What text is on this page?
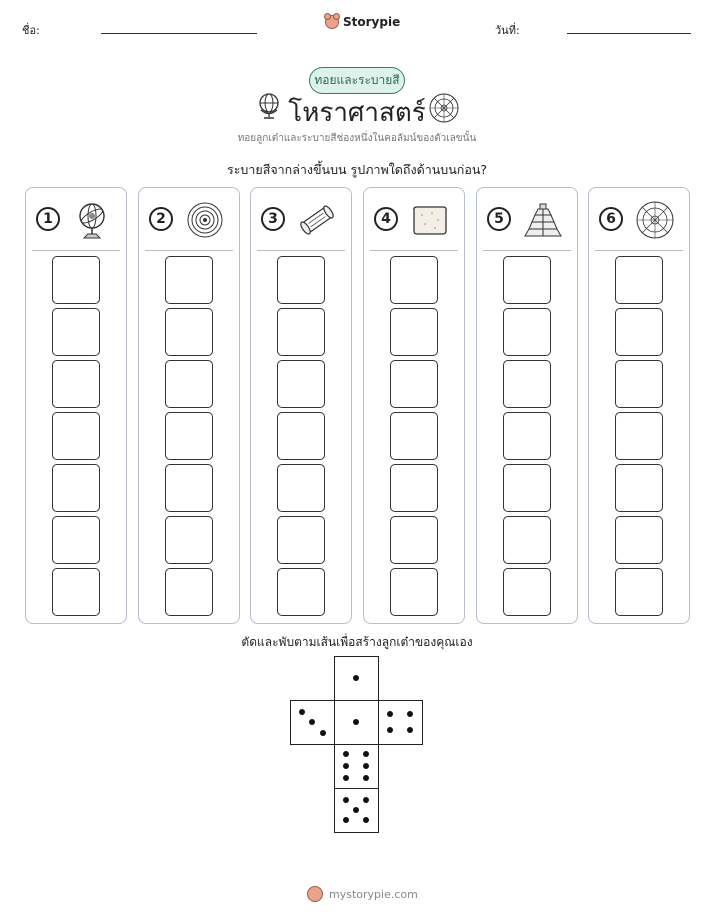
ชื่อ:
Storypie
วันที่:
ทอยและระบายสี
โหราศาสตร์
ทอยลูกเต๋าและระบายสีช่องหนึ่งในคอลัมน์ของตัวเลขนั้น
ระบายสีจากล่างขึ้นบน รูปภาพใดถึงด้านบนก่อน?
1	2	3	4	5	6
ตัดและพับตามเส้นเพื่อสร้างลูกเต๋าของคุณเอง
mystorypie.com
